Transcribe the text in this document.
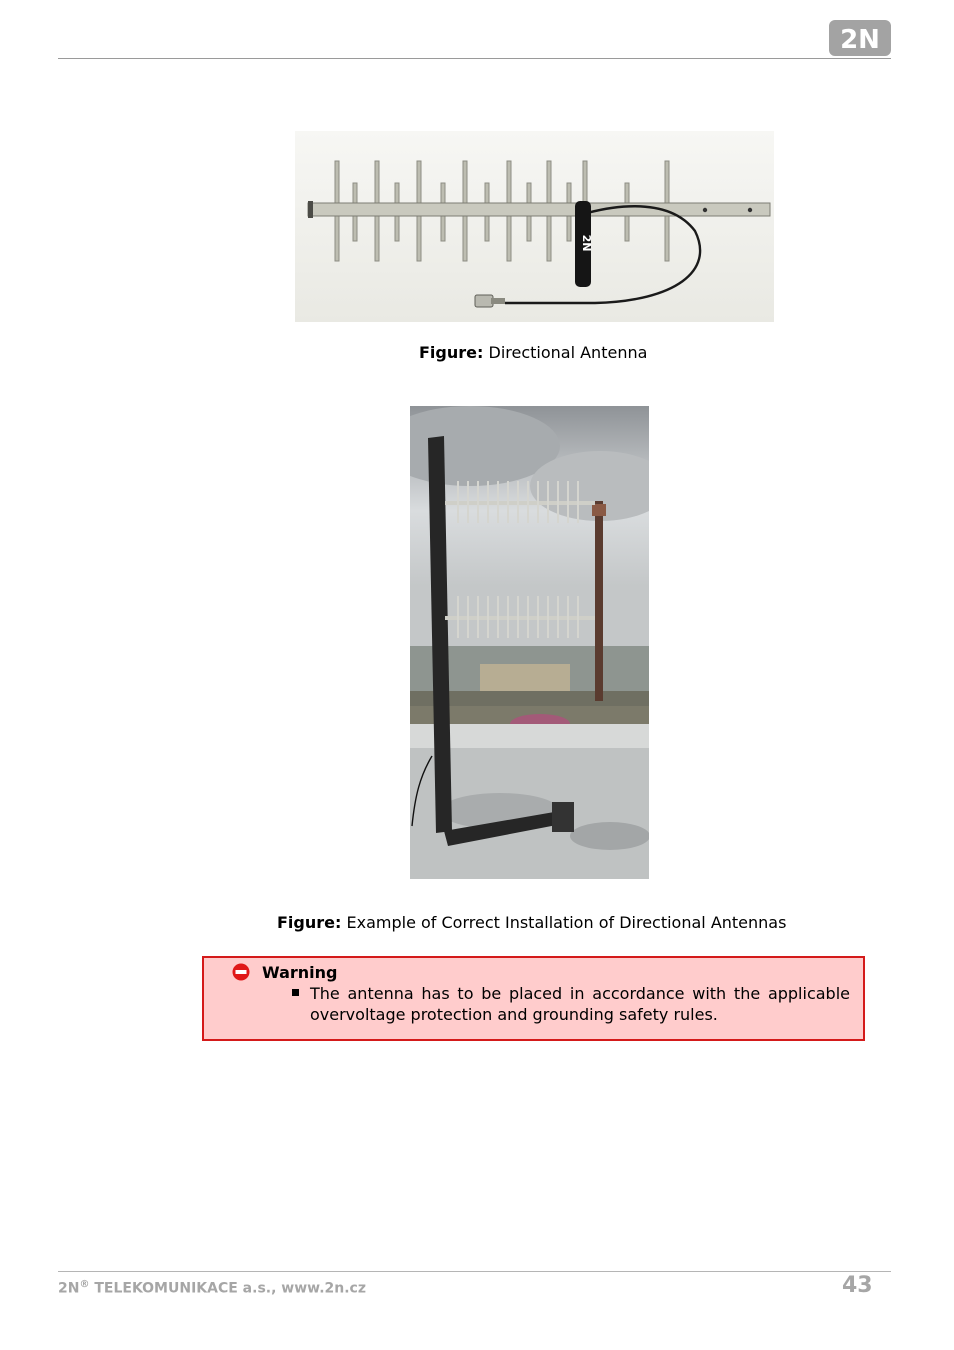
2N
2N
Figure: Directional Antenna
Figure: Example of Correct Installation of Directional Antennas
Warning
The antenna has to be placed in accordance with the applicable overvoltage protection and grounding safety rules.
2N® TELEKOMUNIKACE a.s., www.2n.cz	43
